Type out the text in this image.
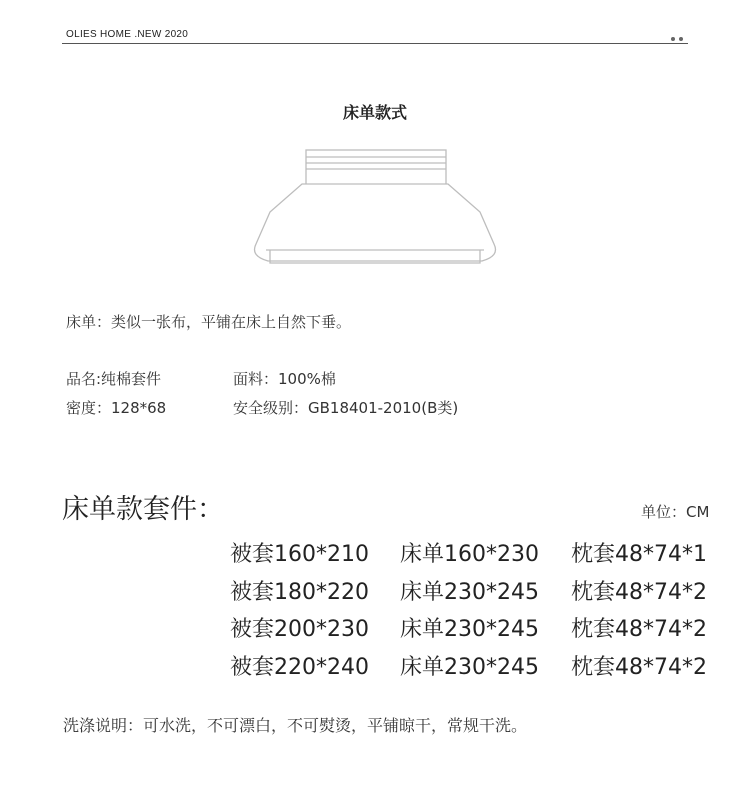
OLIES HOME .NEW 2020
床单款式
床单：类似一张布，平铺在床上自然下垂。
品名:纯棉套件	面料：100%棉
密度：128*68	安全级别：GB18401-2010(B类)
床单款套件：	单位：CM
被套160*210 床单160*230 枕套48*74*1
被套180*220 床单230*245 枕套48*74*2
被套200*230 床单230*245 枕套48*74*2
被套220*240 床单230*245 枕套48*74*2
洗涤说明：可水洗，不可漂白，不可熨烫，平铺晾干，常规干洗。
